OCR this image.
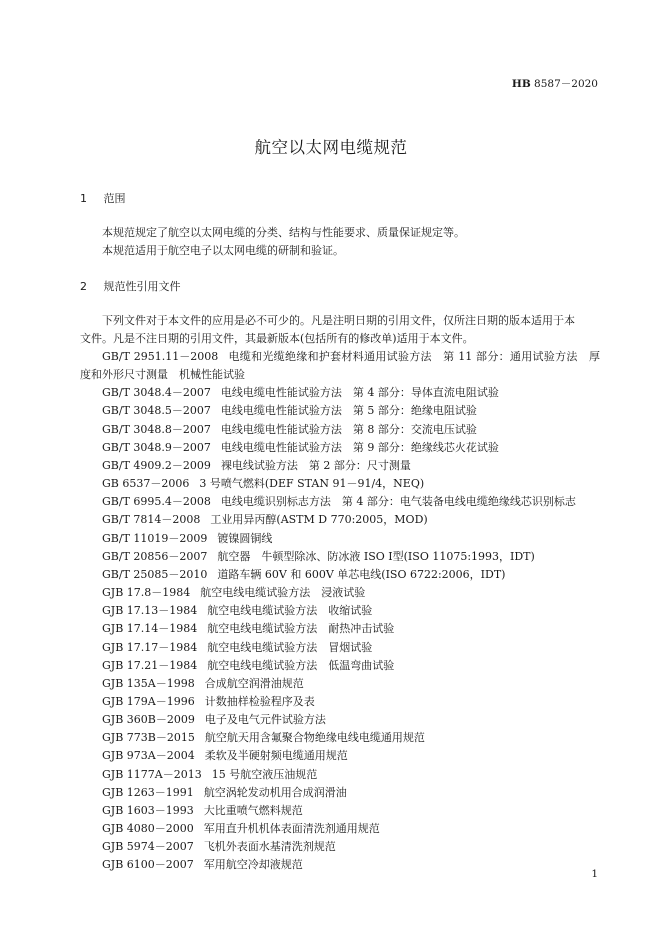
HB 8587－2020
航空以太网电缆规范
1 范围

本规范规定了航空以太网电缆的分类、结构与性能要求、质量保证规定等。

本规范适用于航空电子以太网电缆的研制和验证。

2 规范性引用文件

下列文件对于本文件的应用是必不可少的。凡是注明日期的引用文件，仅所注日期的版本适用于本

文件。凡是不注日期的引用文件，其最新版本(包括所有的修改单)适用于本文件。

GB/T 2951.11－2008 电缆和光缆绝缘和护套材料通用试验方法　第 11 部分：通用试验方法　厚度和外形尺寸测量　机械性能试验
GB/T 3048.4－2007 电线电缆电性能试验方法　第 4 部分：导体直流电阻试验
GB/T 3048.5－2007 电线电缆电性能试验方法　第 5 部分：绝缘电阻试验
GB/T 3048.8－2007 电线电缆电性能试验方法　第 8 部分：交流电压试验
GB/T 3048.9－2007 电线电缆电性能试验方法　第 9 部分：绝缘线芯火花试验
GB/T 4909.2－2009 裸电线试验方法　第 2 部分：尺寸测量
GB 6537－2006 3 号喷气燃料(DEF STAN 91－91/4，NEQ)
GB/T 6995.4－2008 电线电缆识别标志方法　第 4 部分：电气装备电线电缆绝缘线芯识别标志
GB/T 7814－2008 工业用异丙醇(ASTM D 770:2005，MOD)
GB/T 11019－2009 镀镍圆铜线
GB/T 20856－2007 航空器　牛顿型除冰、防冰液 ISO Ⅰ型(ISO 11075:1993，IDT)
GB/T 25085－2010 道路车辆 60V 和 600V 单芯电线(ISO 6722:2006，IDT)
GJB 17.8－1984 航空电线电缆试验方法　浸液试验
GJB 17.13－1984 航空电线电缆试验方法　收缩试验
GJB 17.14－1984 航空电线电缆试验方法　耐热冲击试验
GJB 17.17－1984 航空电线电缆试验方法　冒烟试验
GJB 17.21－1984 航空电线电缆试验方法　低温弯曲试验
GJB 135A－1998 合成航空润滑油规范
GJB 179A－1996 计数抽样检验程序及表
GJB 360B－2009 电子及电气元件试验方法
GJB 773B－2015 航空航天用含氟聚合物绝缘电线电缆通用规范
GJB 973A－2004 柔软及半硬射频电缆通用规范
GJB 1177A－2013 15 号航空液压油规范
GJB 1263－1991 航空涡轮发动机用合成润滑油
GJB 1603－1993 大比重喷气燃料规范
GJB 4080－2000 军用直升机机体表面清洗剂通用规范
GJB 5974－2007 飞机外表面水基清洗剂规范
GJB 6100－2007 军用航空冷却液规范
1
